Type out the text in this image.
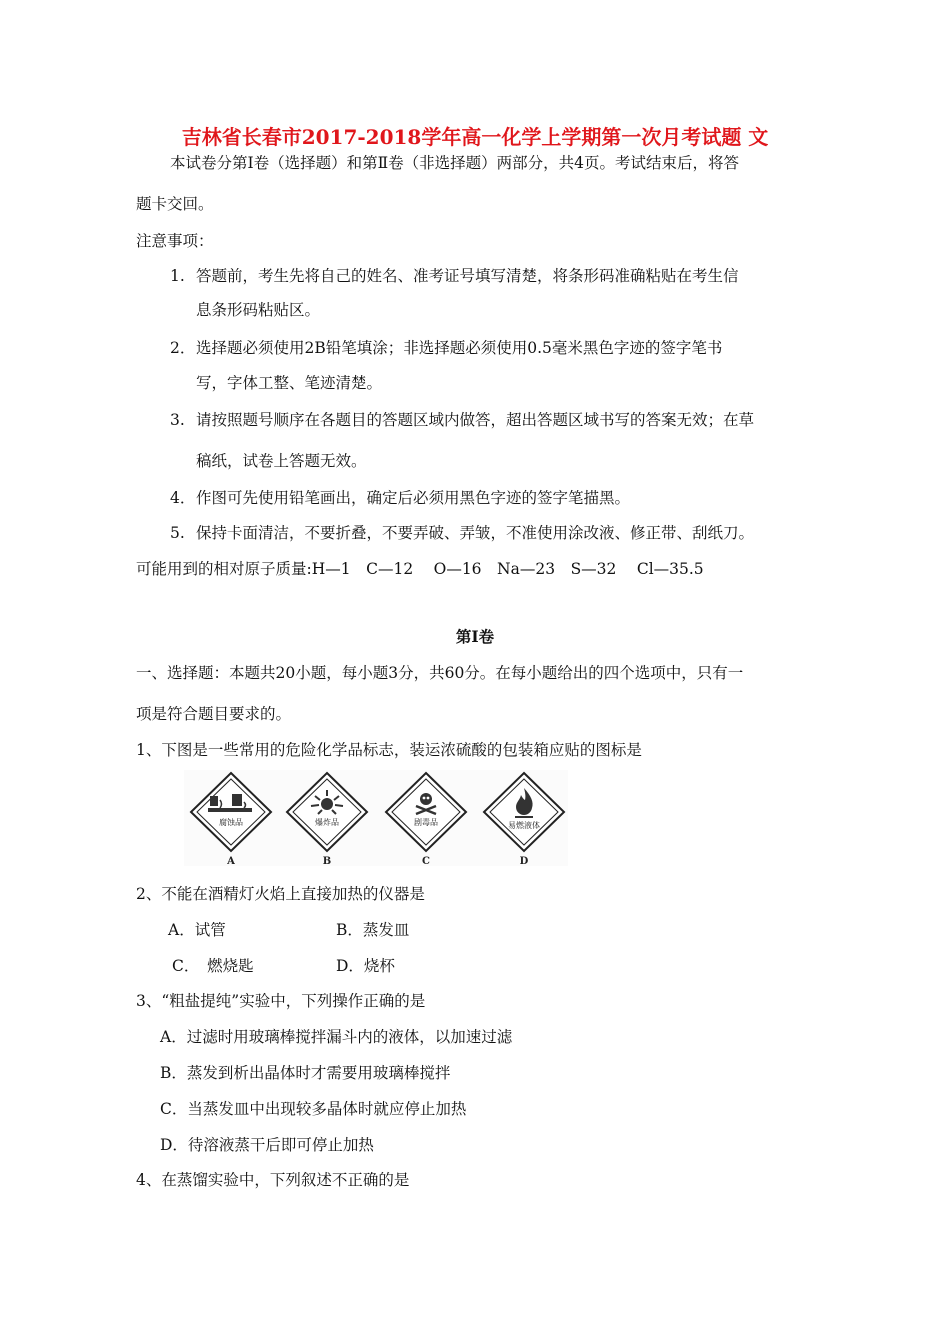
吉林省长春市2017-2018学年高一化学上学期第一次月考试题 文
本试卷分第Ⅰ卷（选择题）和第Ⅱ卷（非选择题）两部分，共4页。考试结束后，将答
题卡交回。
注意事项：
1. 答题前，考生先将自己的姓名、准考证号填写清楚，将条形码准确粘贴在考生信
息条形码粘贴区。
2． 选择题必须使用2B铅笔填涂；非选择题必须使用0.5毫米黑色字迹的签字笔书
写，字体工整、笔迹清楚。
3. 请按照题号顺序在各题目的答题区域内做答，超出答题区域书写的答案无效；在草
稿纸，试卷上答题无效。
4． 作图可先使用铅笔画出，确定后必须用黑色字迹的签字笔描黑。
5. 保持卡面清洁，不要折叠，不要弄破、弄皱，不准使用涂改液、修正带、刮纸刀。
可能用到的相对原子质量:H—1　C—12　 O—16　Na—23　S—32　 Cl—35.5
第Ⅰ卷
一、选择题：本题共20小题，每小题3分，共60分。在每小题给出的四个选项中，只有一
项是符合题目要求的。
1、下图是一些常用的危险化学品标志，装运浓硫酸的包装箱应贴的图标是
腐蚀品
A
爆炸品
B
剧毒品
C
易燃液体
D
2、不能在酒精灯火焰上直接加热的仪器是
A．试管	B．蒸发皿
C．　燃烧匙	D．烧杯
3、“粗盐提纯”实验中，下列操作正确的是
A．过滤时用玻璃棒搅拌漏斗内的液体，以加速过滤
B．蒸发到析出晶体时才需要用玻璃棒搅拌
C．当蒸发皿中出现较多晶体时就应停止加热
D．待溶液蒸干后即可停止加热
4、在蒸馏实验中，下列叙述不正确的是
